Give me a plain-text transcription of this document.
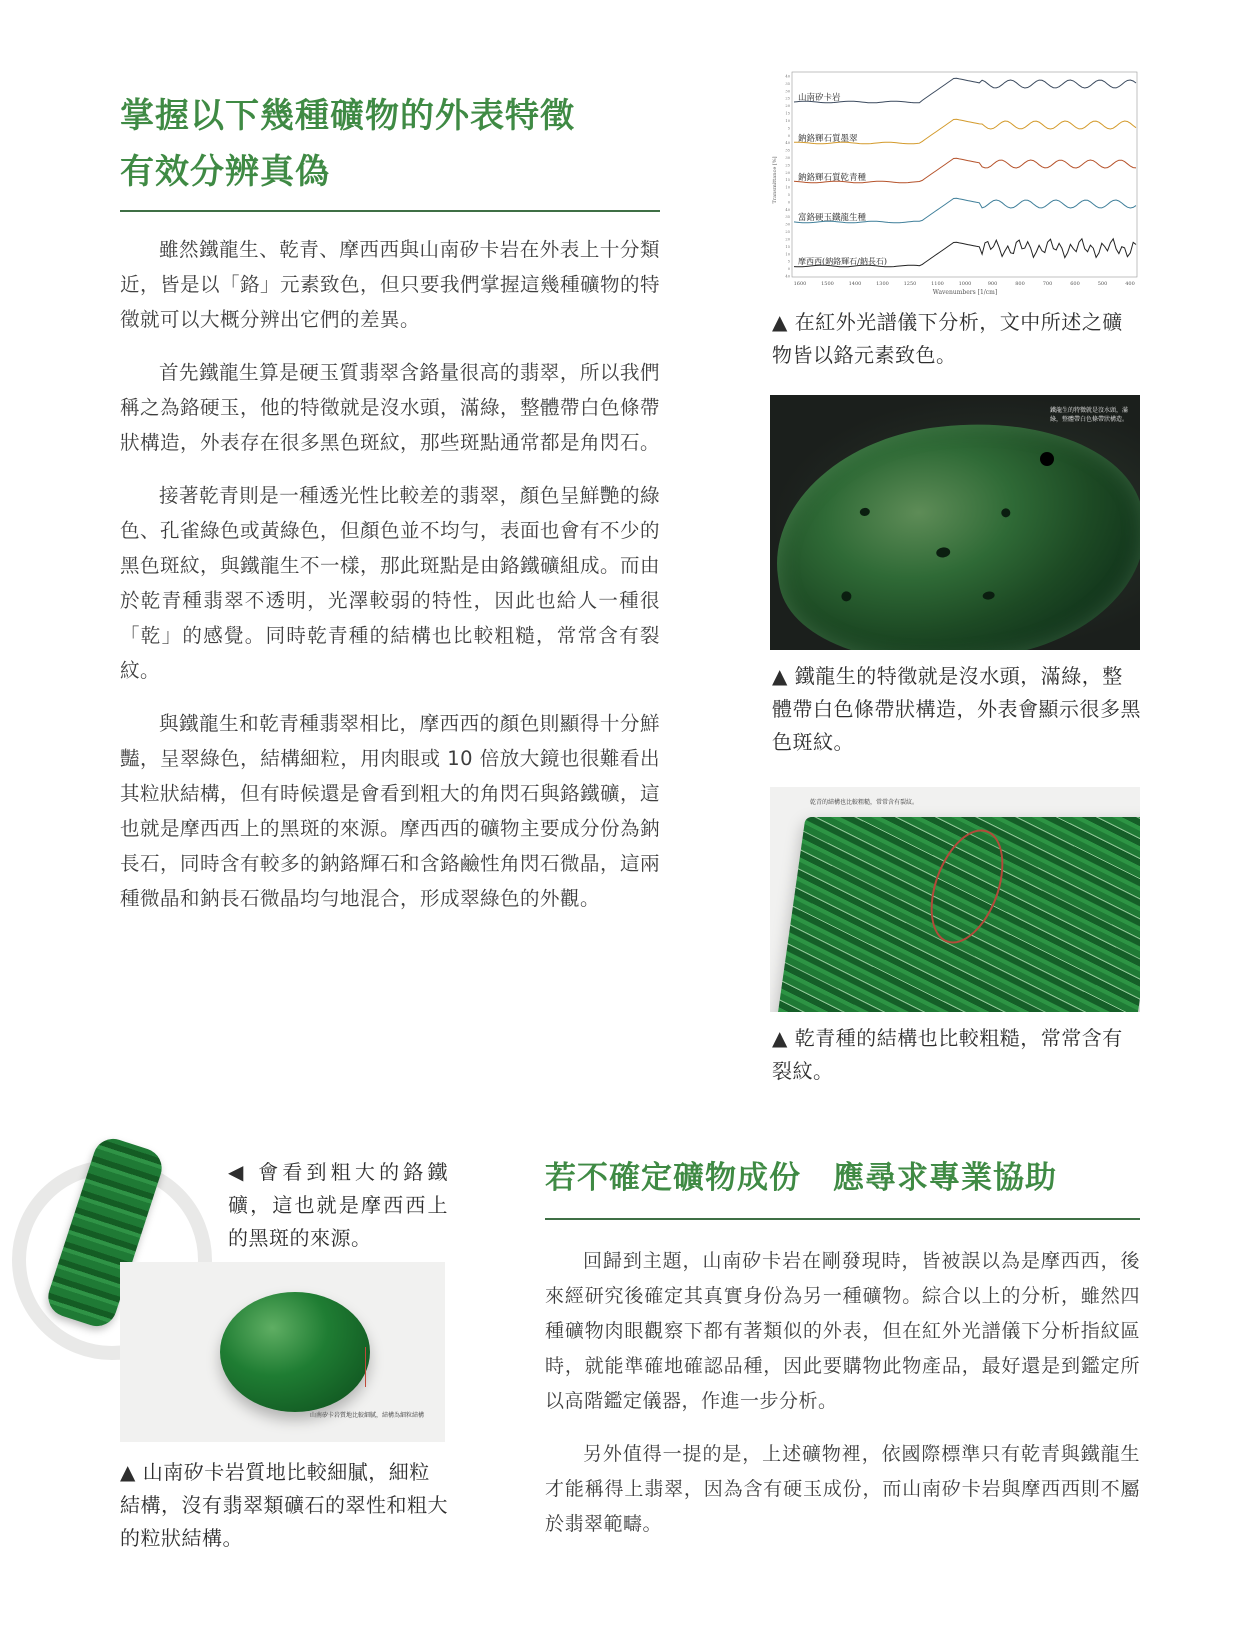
掌握以下幾種礦物的外表特徵
有效分辨真偽

雖然鐵龍生、乾青、摩西西與山南矽卡岩在外表上十分類近，皆是以「鉻」元素致色，但只要我們掌握這幾種礦物的特徵就可以大概分辨出它們的差異。

首先鐵龍生算是硬玉質翡翠含鉻量很高的翡翠，所以我們稱之為鉻硬玉，他的特徵就是沒水頭，滿綠，整體帶白色條帶狀構造，外表存在很多黑色斑紋，那些斑點通常都是角閃石。

接著乾青則是一種透光性比較差的翡翠，顏色呈鮮艷的綠色、孔雀綠色或黃綠色，但顏色並不均勻，表面也會有不少的黑色斑紋，與鐵龍生不一樣，那此斑點是由鉻鐵礦組成。而由於乾青種翡翠不透明，光澤較弱的特性，因此也給人一種很「乾」的感覺。同時乾青種的結構也比較粗糙，常常含有裂紋。

與鐵龍生和乾青種翡翠相比，摩西西的顏色則顯得十分鮮豔，呈翠綠色，結構細粒，用肉眼或 10 倍放大鏡也很難看出其粒狀結構，但有時候還是會看到粗大的角閃石與鉻鐵礦，這也就是摩西西上的黑斑的來源。摩西西的礦物主要成分份為鈉長石，同時含有較多的鈉鉻輝石和含鉻鹼性角閃石微晶，這兩種微晶和鈉長石微晶均勻地混合，形成翠綠色的外觀。

40
35
30
25
20
15
10
5
0
40
35
30
25
20
15
10
5
0
40
35
30
25
20
15
10
5
0
40
1600	1500	1400	1300	1250	1100	1000	900	800	700	600	500	400
山南矽卡岩
鈉鉻輝石質墨翠
鈉鉻輝石質乾青種
富鉻硬玉鐵龍生種
摩西西(鈉鉻輝石/鈉長石)
Wavenumbers [1/cm]
Transmittance [%]
▲ 在紅外光譜儀下分析，文中所述之礦物皆以鉻元素致色。
鐵龍生的特徵就是沒水頭，滿綠，整體帶白色條帶狀構造。
▲ 鐵龍生的特徵就是沒水頭，滿綠，整體帶白色條帶狀構造，外表會顯示很多黑色斑紋。
乾青的結構也比較粗糙，常常含有裂紋。
▲ 乾青種的結構也比較粗糙，常常含有裂紋。
◀ 會看到粗大的鉻鐵礦，這也就是摩西西上的黑斑的來源。
山南矽卡岩質地比較細膩，結構為細粒結構
▲ 山南矽卡岩質地比較細膩，細粒結構，沒有翡翠類礦石的翠性和粗大的粒狀結構。
若不確定礦物成份　應尋求專業協助

回歸到主題，山南矽卡岩在剛發現時，皆被誤以為是摩西西，後來經研究後確定其真實身份為另一種礦物。綜合以上的分析，雖然四種礦物肉眼觀察下都有著類似的外表，但在紅外光譜儀下分析指紋區時，就能準確地確認品種，因此要購物此物產品，最好還是到鑑定所以高階鑑定儀器，作進一步分析。

另外值得一提的是，上述礦物裡，依國際標準只有乾青與鐵龍生才能稱得上翡翠，因為含有硬玉成份，而山南矽卡岩與摩西西則不屬於翡翠範疇。
